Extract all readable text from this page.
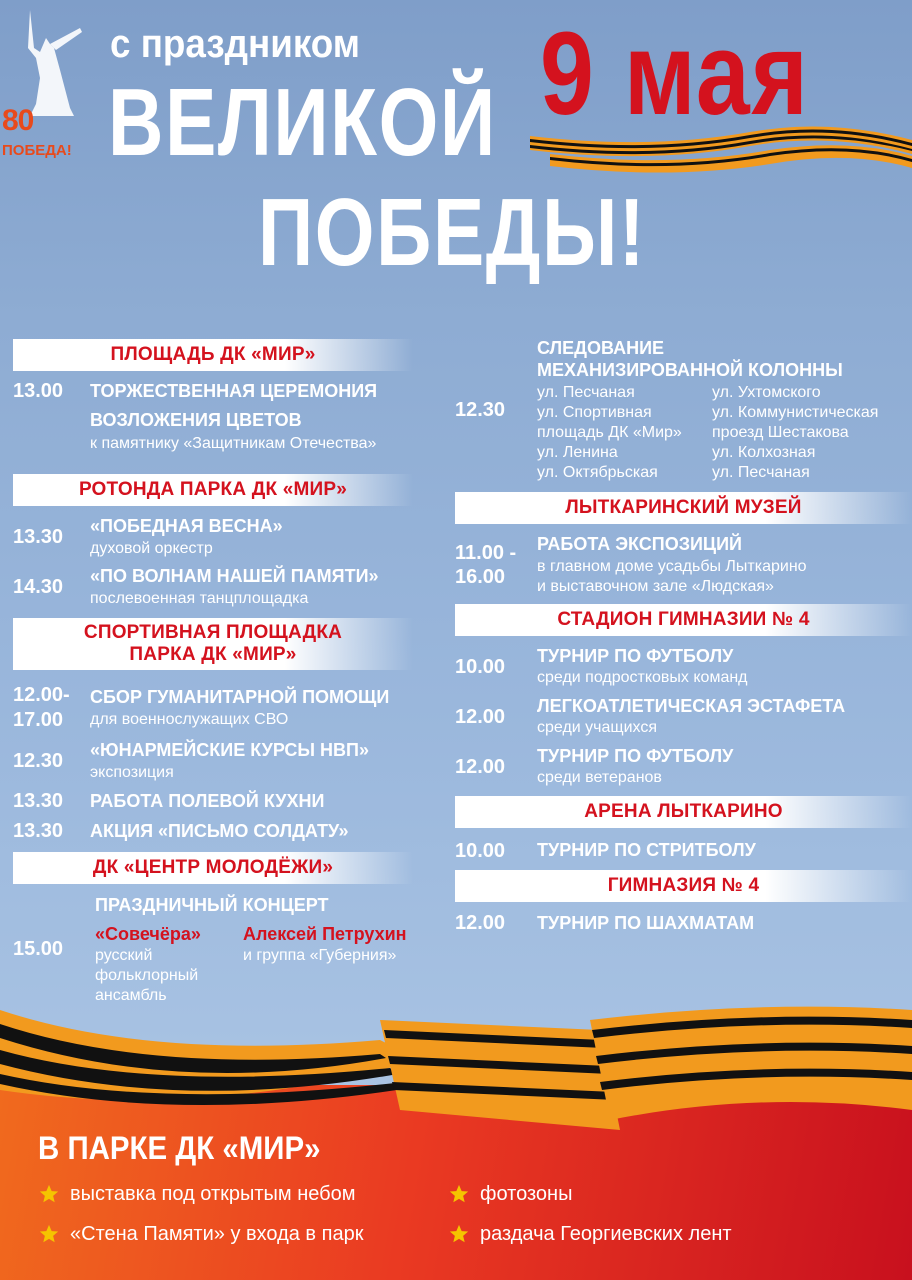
80
ПОБЕДА!
с праздником
ВЕЛИКОЙ
ПОБЕДЫ!
9 мая
ПЛОЩАДЬ ДК «МИР»
13.00 ТОРЖЕСТВЕННАЯ ЦЕРЕМОНИЯ
ВОЗЛОЖЕНИЯ ЦВЕТОВ
к памятнику «Защитникам Отечества»
РОТОНДА ПАРКА ДК «МИР»
13.30 «ПОБЕДНАЯ ВЕСНА»
духовой оркестр
14.30 «ПО ВОЛНАМ НАШЕЙ ПАМЯТИ»
послевоенная танцплощадка
СПОРТИВНАЯ ПЛОЩАДКА
ПАРКА ДК «МИР»
12.00-
17.00
СБОР ГУМАНИТАРНОЙ ПОМОЩИ
для военнослужащих СВО
12.30 «ЮНАРМЕЙСКИЕ КУРСЫ НВП»
экспозиция
13.30 РАБОТА ПОЛЕВОЙ КУХНИ
13.30 АКЦИЯ «ПИСЬМО СОЛДАТУ»
ДК «ЦЕНТР МОЛОДЁЖИ»
ПРАЗДНИЧНЫЙ КОНЦЕРТ
15.00
«Совечёра»
русский
фольклорный
ансамбль
Алексей Петрухин
и группа «Губерния»
СЛЕДОВАНИЕ
МЕХАНИЗИРОВАННОЙ КОЛОННЫ
12.30
ул. Песчаная
ул. Спортивная
площадь ДК «Мир»
ул. Ленина
ул. Октябрьская
ул. Ухтомского
ул. Коммунистическая
проезд Шестакова
ул. Колхозная
ул. Песчаная
ЛЫТКАРИНСКИЙ МУЗЕЙ
11.00 -
16.00
РАБОТА ЭКСПОЗИЦИЙ
в главном доме усадьбы Лыткарино
и выставочном зале «Людская»
СТАДИОН ГИМНАЗИИ № 4
10.00 ТУРНИР ПО ФУТБОЛУ
среди подростковых команд
12.00 ЛЕГКОАТЛЕТИЧЕСКАЯ ЭСТАФЕТА
среди учащихся
12.00 ТУРНИР ПО ФУТБОЛУ
среди ветеранов
АРЕНА ЛЫТКАРИНО
10.00 ТУРНИР ПО СТРИТБОЛУ
ГИМНАЗИЯ № 4
12.00 ТУРНИР ПО ШАХМАТАМ
В ПАРКЕ ДК «МИР»
выставка под открытым небом	фотозоны
«Стена Памяти» у входа в парк	раздача Георгиевских лент
